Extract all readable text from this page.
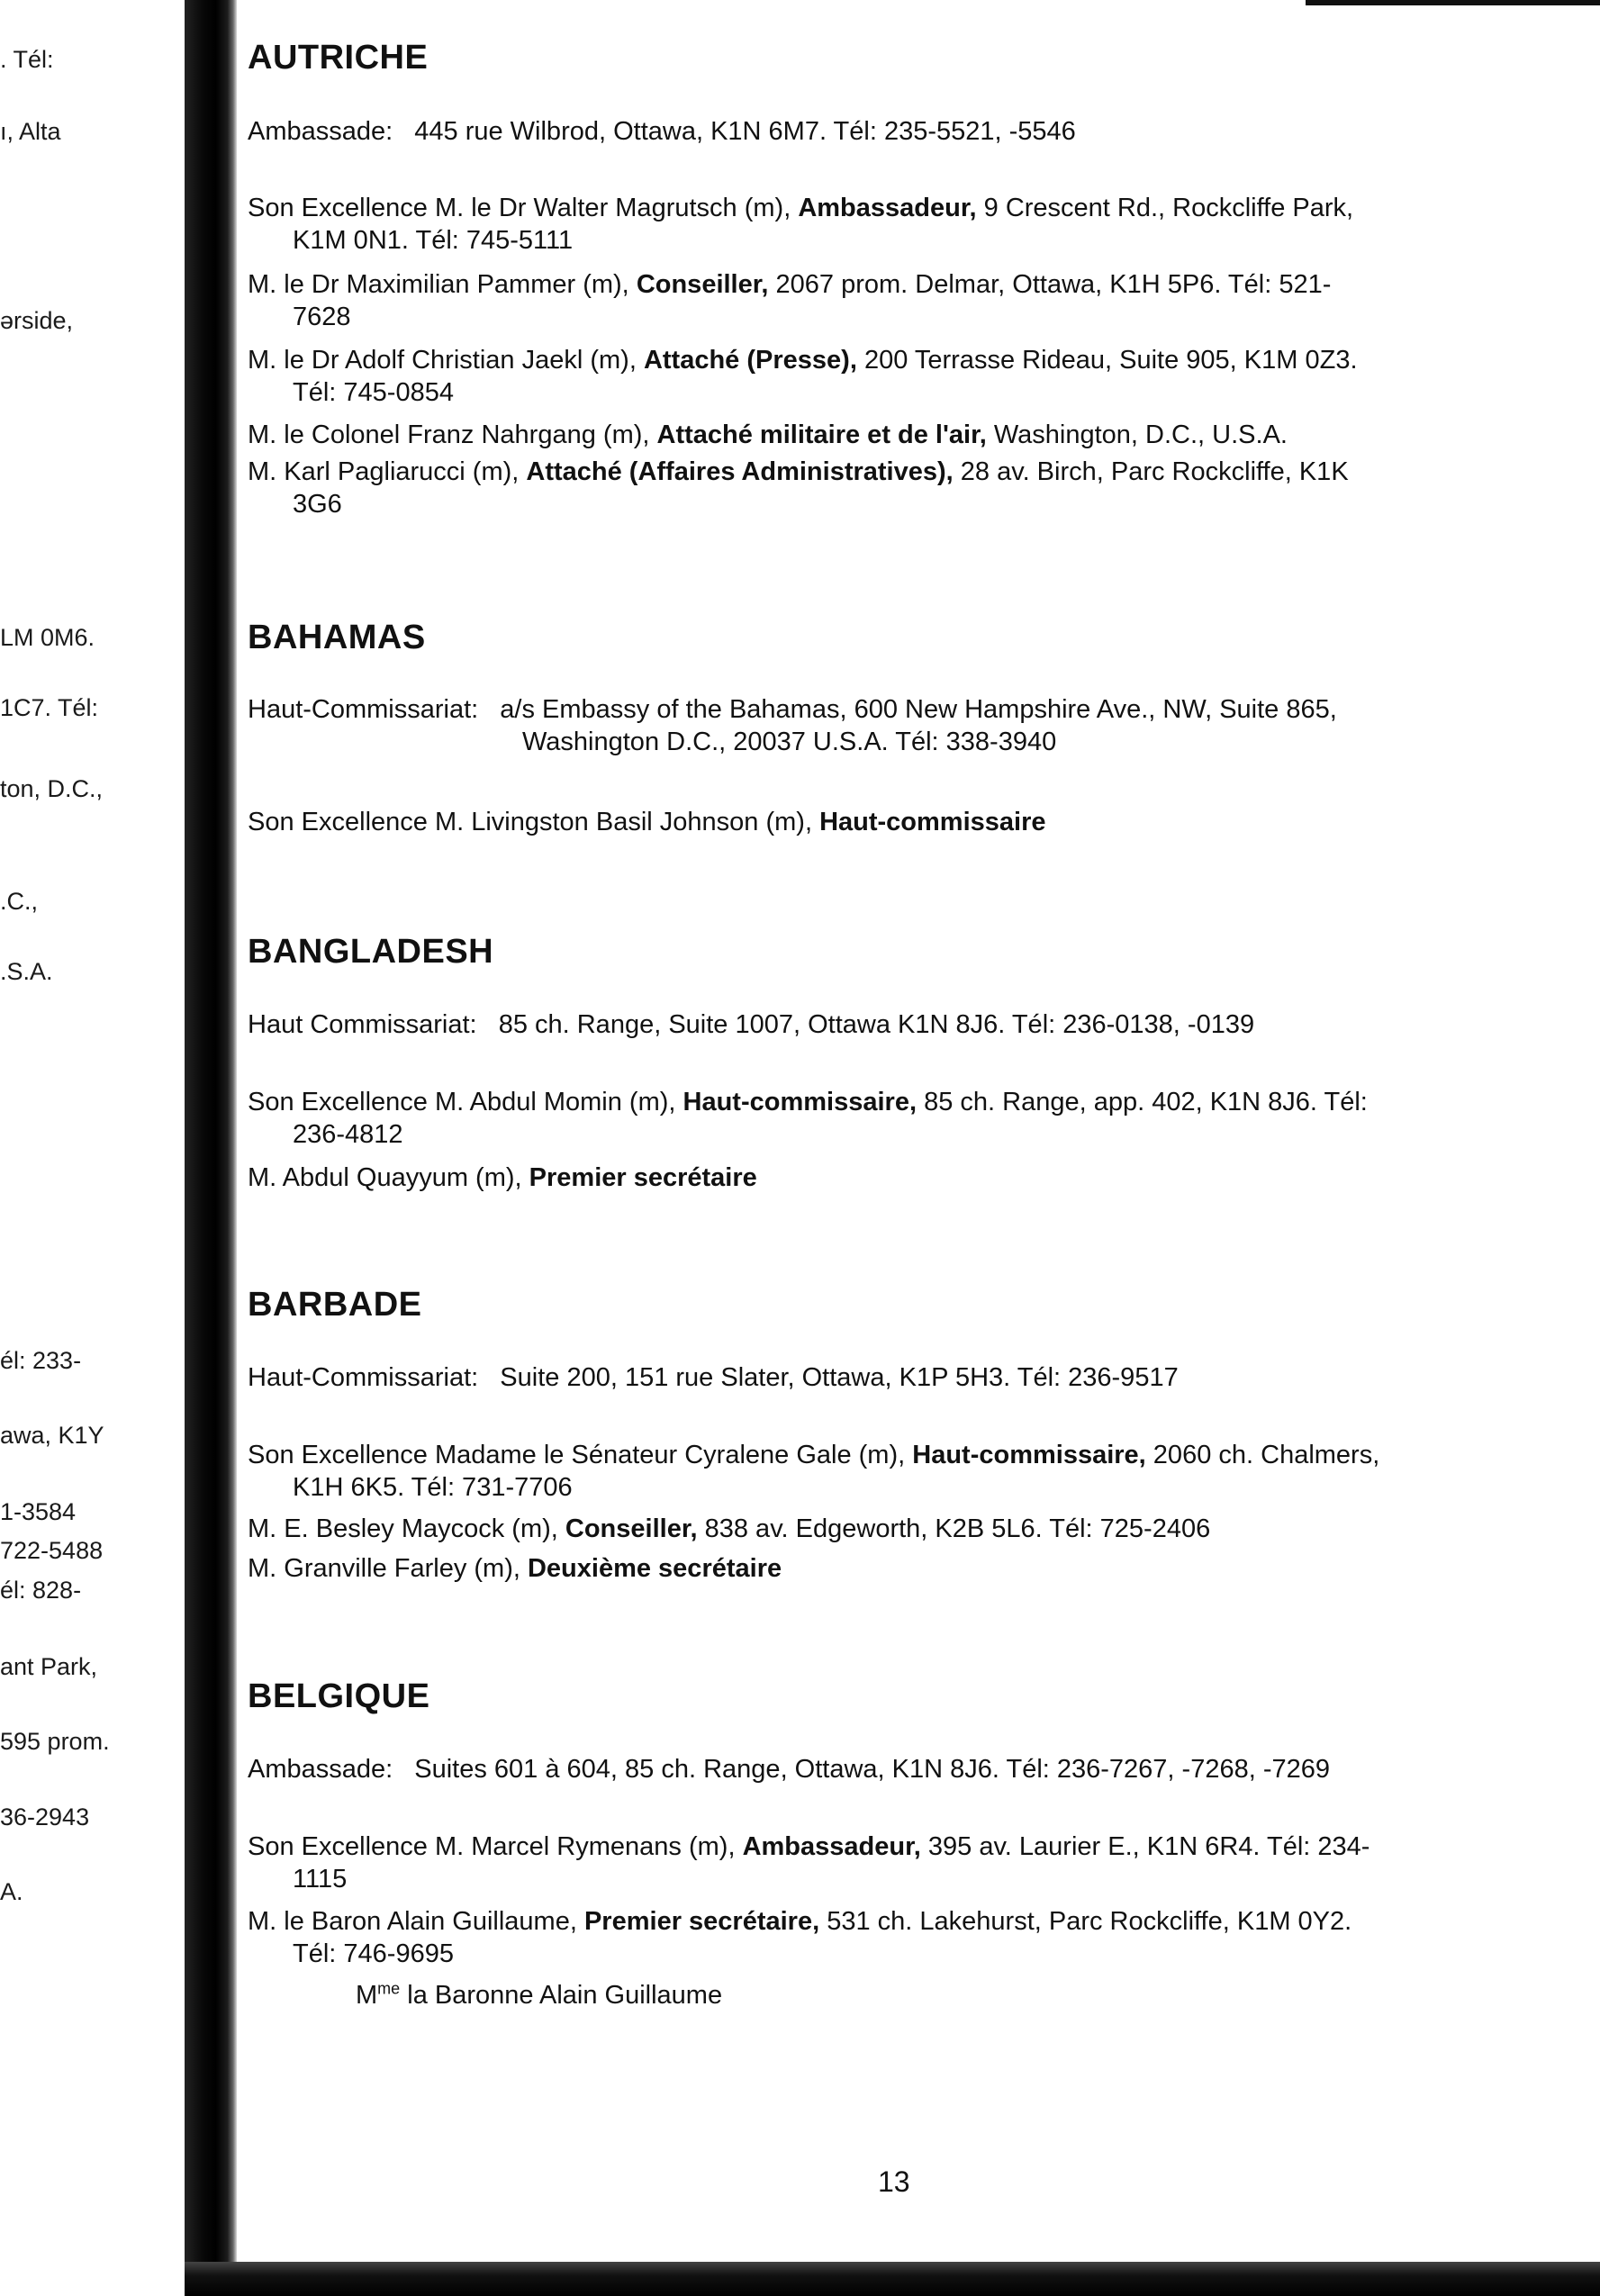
. Tél:
ı, Alta
ərside,
LM 0M6.
1C7. Tél:
ton, D.C.,
.C.,
.S.A.
él: 233-
awa, K1Y
1-3584
722-5488
él: 828-
ant Park,
595 prom.
36-2943
A.
AUTRICHE
Ambassade: 445 rue Wilbrod, Ottawa, K1N 6M7. Tél: 235-5521, -5546
Son Excellence M. le Dr Walter Magrutsch (m), Ambassadeur, 9 Crescent Rd., Rockcliffe Park,
K1M 0N1. Tél: 745-5111
M. le Dr Maximilian Pammer (m), Conseiller, 2067 prom. Delmar, Ottawa, K1H 5P6. Tél: 521-
7628
M. le Dr Adolf Christian Jaekl (m), Attaché (Presse), 200 Terrasse Rideau, Suite 905, K1M 0Z3.
Tél: 745-0854
M. le Colonel Franz Nahrgang (m), Attaché militaire et de l'air, Washington, D.C., U.S.A.
M. Karl Pagliarucci (m), Attaché (Affaires Administratives), 28 av. Birch, Parc Rockcliffe, K1K
3G6
BAHAMAS
Haut-Commissariat: a/s Embassy of the Bahamas, 600 New Hampshire Ave., NW, Suite 865,
Washington D.C., 20037 U.S.A. Tél: 338-3940
Son Excellence M. Livingston Basil Johnson (m), Haut-commissaire
BANGLADESH
Haut Commissariat: 85 ch. Range, Suite 1007, Ottawa K1N 8J6. Tél: 236-0138, -0139
Son Excellence M. Abdul Momin (m), Haut-commissaire, 85 ch. Range, app. 402, K1N 8J6. Tél:
236-4812
M. Abdul Quayyum (m), Premier secrétaire
BARBADE
Haut-Commissariat: Suite 200, 151 rue Slater, Ottawa, K1P 5H3. Tél: 236-9517
Son Excellence Madame le Sénateur Cyralene Gale (m), Haut-commissaire, 2060 ch. Chalmers,
K1H 6K5. Tél: 731-7706
M. E. Besley Maycock (m), Conseiller, 838 av. Edgeworth, K2B 5L6. Tél: 725-2406
M. Granville Farley (m), Deuxième secrétaire
BELGIQUE
Ambassade: Suites 601 à 604, 85 ch. Range, Ottawa, K1N 8J6. Tél: 236-7267, -7268, -7269
Son Excellence M. Marcel Rymenans (m), Ambassadeur, 395 av. Laurier E., K1N 6R4. Tél: 234-
1115
M. le Baron Alain Guillaume, Premier secrétaire, 531 ch. Lakehurst, Parc Rockcliffe, K1M 0Y2.
Tél: 746-9695
$M^{me}$ la Baronne Alain Guillaume
13
